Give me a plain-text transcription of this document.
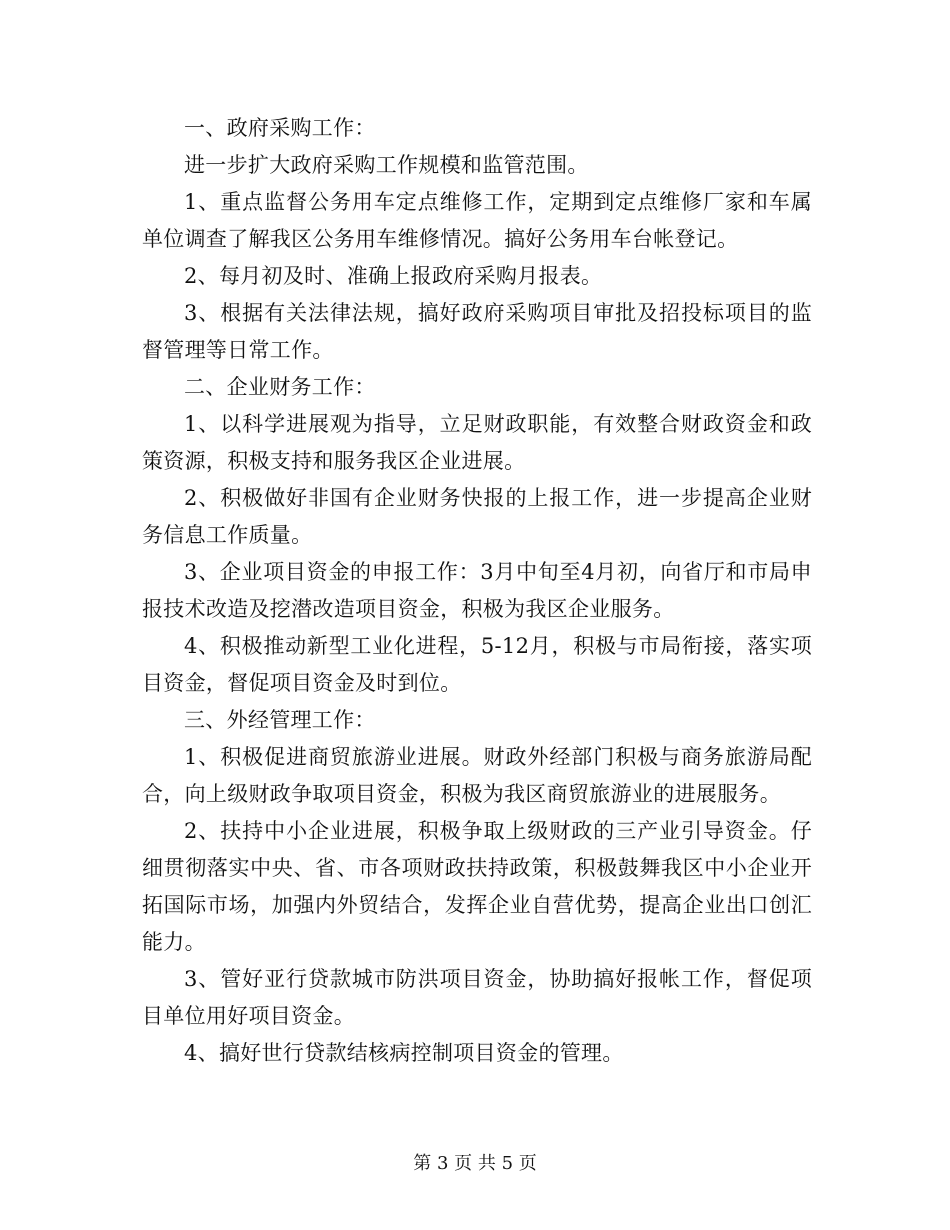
一、政府采购工作：

进一步扩大政府采购工作规模和监管范围。

1、重点监督公务用车定点维修工作，定期到定点维修厂家和车属单位调查了解我区公务用车维修情况。搞好公务用车台帐登记。

2、每月初及时、准确上报政府采购月报表。

3、根据有关法律法规，搞好政府采购项目审批及招投标项目的监督管理等日常工作。

二、企业财务工作：

1、以科学进展观为指导，立足财政职能，有效整合财政资金和政策资源，积极支持和服务我区企业进展。

2、积极做好非国有企业财务快报的上报工作，进一步提高企业财务信息工作质量。

3、企业项目资金的申报工作：3月中旬至4月初，向省厅和市局申报技术改造及挖潜改造项目资金，积极为我区企业服务。

4、积极推动新型工业化进程，5-12月，积极与市局衔接，落实项目资金，督促项目资金及时到位。

三、外经管理工作：

1、积极促进商贸旅游业进展。财政外经部门积极与商务旅游局配合，向上级财政争取项目资金，积极为我区商贸旅游业的进展服务。

2、扶持中小企业进展，积极争取上级财政的三产业引导资金。仔细贯彻落实中央、省、市各项财政扶持政策，积极鼓舞我区中小企业开拓国际市场，加强内外贸结合，发挥企业自营优势，提高企业出口创汇能力。

3、管好亚行贷款城市防洪项目资金，协助搞好报帐工作，督促项目单位用好项目资金。

4、搞好世行贷款结核病控制项目资金的管理。

第 3 页 共 5 页
